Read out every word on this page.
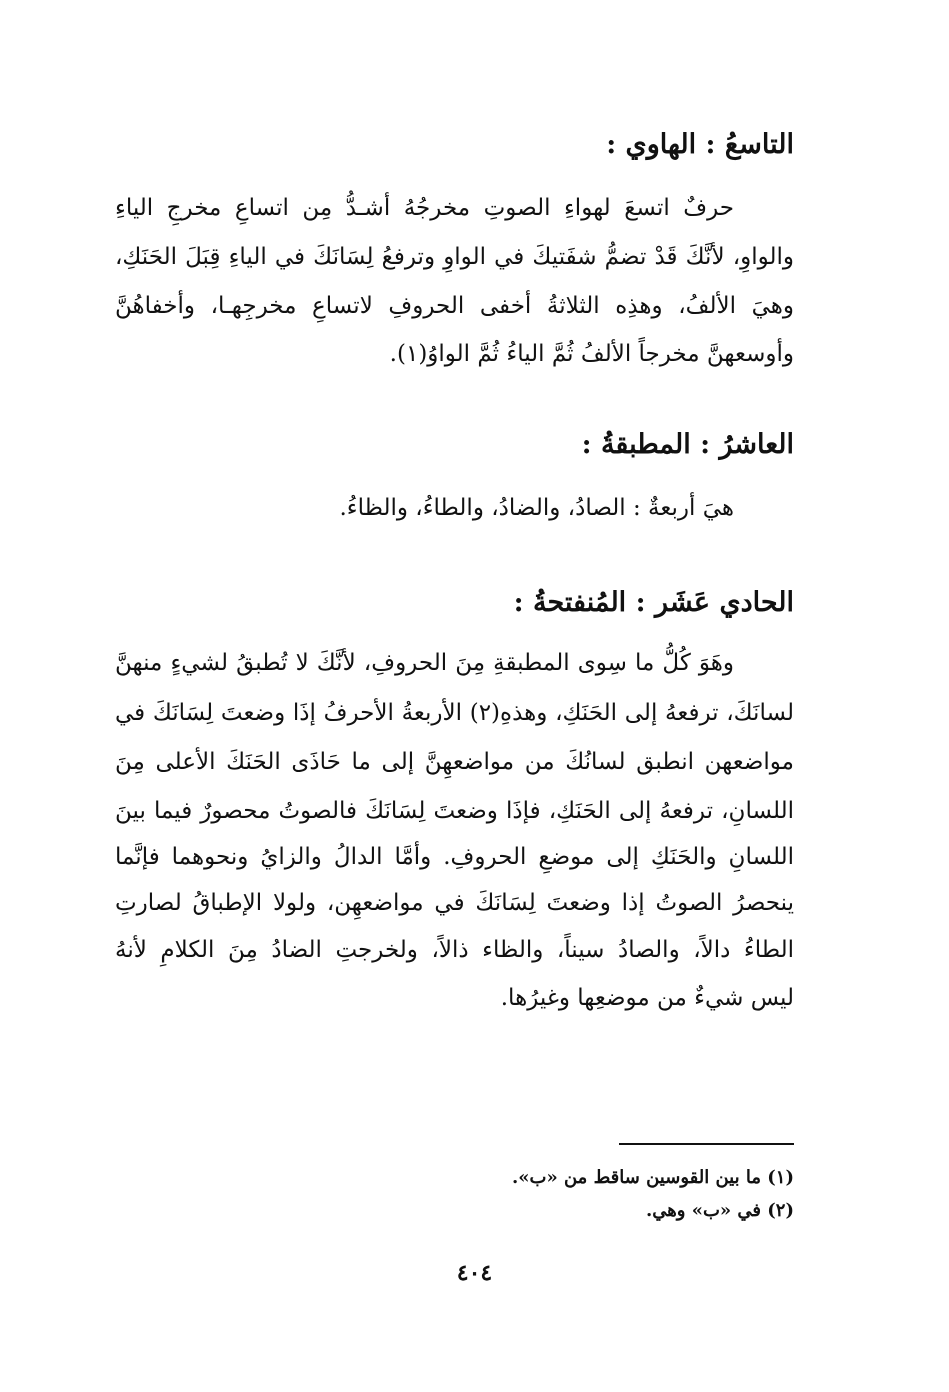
التاسعُ : الهاوي :
حرفٌ اتسعَ لهواءِ الصوتِ مخرجُهُ أشـدُّ مِن اتساعِ مخرجِ الياءِ
والواوِ، لأنَّكَ قَدْ تضمُّ شفَتيكَ في الواوِ وترفعُ لِسَانَكَ في الياءِ قِبَلَ الحَنَكِ،
وهيَ الألفُ، وهذِه الثلاثةُ أخفى الحروفِ لاتساعِ مخرجِهـا، وأخفاهُنَّ
وأوسعهنَّ مخرجاً الألفُ ثُمَّ الياءُ ثُمَّ الواوُ(١).
العاشرُ : المطبقةُ :
هيَ أربعةٌ : الصادُ، والضادُ، والطاءُ، والظاءُ.
الحادي عَشَر : المُنفتحةُ :
وهَوَ كُلُّ ما سِوى المطبقةِ مِنَ الحروفِ، لأنَّكَ لا تُطبقُ لشيءٍ منهنَّ
لسانَكَ، ترفعهُ إلى الحَنَكِ، وهذهِ(٢) الأربعةُ الأحرفُ إذَا وضعتَ لِسَانَكَ في
مواضعهن انطبق لسانُكَ من مواضعهِنَّ إلى ما حَاذَى الحَنَكَ الأعلى مِنَ
اللسانِ، ترفعهُ إلى الحَنَكِ، فإذَا وضعتَ لِسَانَكَ فالصوتُ محصورٌ فيما بينَ
اللسانِ والحَنَكِ إلى موضعِ الحروفِ. وأمَّا الدالُ والزايُ ونحوهما فإنَّما
ينحصرُ الصوتُ إذا وضعتَ لِسَانَكَ في مواضعهِن، ولولا الإطباقُ لصارتِ
الطاءُ دالاً، والصادُ سيناً، والظاء ذالاً، ولخرجتِ الضادُ مِنَ الكلامِ لأنهُ
ليس شيءٌ من موضعِها وغيرُها.
(١) ما بين القوسين ساقط من «ب».
(٢) في «ب» وهي.
٤٠٤
